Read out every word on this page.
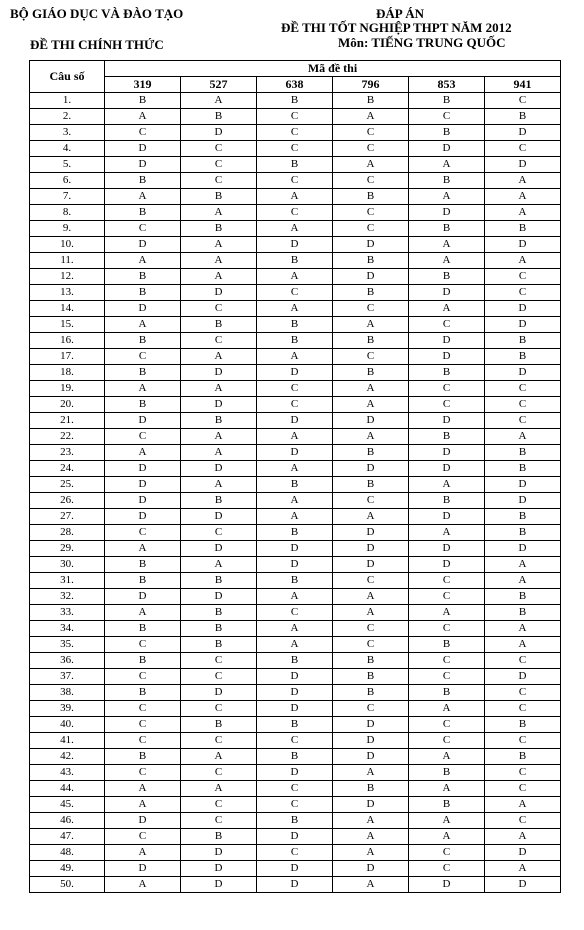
BỘ GIÁO DỤC VÀ ĐÀO TẠO
ĐỀ THI CHÍNH THỨC
ĐÁP ÁN
ĐỀ THI TỐT NGHIỆP THPT NĂM 2012
Môn: TIẾNG TRUNG QUỐC
Câu số	Mã đề thi					
	319	527	638	796	853	941
1.	B	A	B	B	B	C
2.	A	B	C	A	C	B
3.	C	D	C	C	B	D
4.	D	C	C	C	D	C
5.	D	C	B	A	A	D
6.	B	C	C	C	B	A
7.	A	B	A	B	A	A
8.	B	A	C	C	D	A
9.	C	B	A	C	B	B
10.	D	A	D	D	A	D
11.	A	A	B	B	A	A
12.	B	A	A	D	B	C
13.	B	D	C	B	D	C
14.	D	C	A	C	A	D
15.	A	B	B	A	C	D
16.	B	C	B	B	D	B
17.	C	A	A	C	D	B
18.	B	D	D	B	B	D
19.	A	A	C	A	C	C
20.	B	D	C	A	C	C
21.	D	B	D	D	D	C
22.	C	A	A	A	B	A
23.	A	A	D	B	D	B
24.	D	D	A	D	D	B
25.	D	A	B	B	A	D
26.	D	B	A	C	B	D
27.	D	D	A	A	D	B
28.	C	C	B	D	A	B
29.	A	D	D	D	D	D
30.	B	A	D	D	D	A
31.	B	B	B	C	C	A
32.	D	D	A	A	C	B
33.	A	B	C	A	A	B
34.	B	B	A	C	C	A
35.	C	B	A	C	B	A
36.	B	C	B	B	C	C
37.	C	C	D	B	C	D
38.	B	D	D	B	B	C
39.	C	C	D	C	A	C
40.	C	B	B	D	C	B
41.	C	C	C	D	C	C
42.	B	A	B	D	A	B
43.	C	C	D	A	B	C
44.	A	A	C	B	A	C
45.	A	C	C	D	B	A
46.	D	C	B	A	A	C
47.	C	B	D	A	A	A
48.	A	D	C	A	C	D
49.	D	D	D	D	C	A
50.	A	D	D	A	D	D
